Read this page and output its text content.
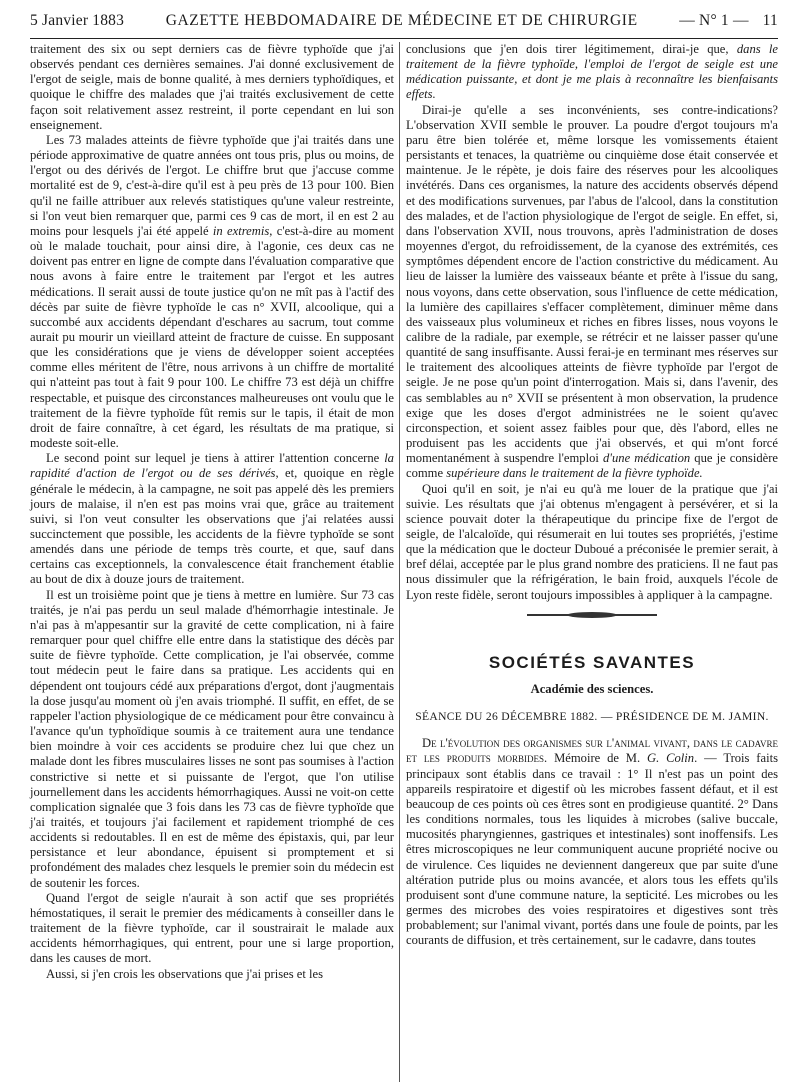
5 Janvier 1883	GAZETTE HEBDOMADAIRE DE MÉDECINE ET DE CHIRURGIE	— N° 1 — 11

traitement des six ou sept derniers cas de fièvre typhoïde que j'ai observés pendant ces dernières semaines. J'ai donné exclusivement de l'ergot de seigle, mais de bonne qualité, à mes derniers typhoïdiques, et quoique le chiffre des malades que j'ai traités exclusivement de cette façon soit relativement assez restreint, il porte cependant en lui son enseignement.

Les 73 malades atteints de fièvre typhoïde que j'ai traités dans une période approximative de quatre années ont tous pris, plus ou moins, de l'ergot ou des dérivés de l'ergot. Le chiffre brut que j'accuse comme mortalité est de 9, c'est-à-dire qu'il est à peu près de 13 pour 100. Bien qu'il ne faille attribuer aux relevés statistiques qu'une valeur restreinte, si l'on veut bien remarquer que, parmi ces 9 cas de mort, il en est 2 au moins pour lesquels j'ai été appelé in extremis, c'est-à-dire au moment où le malade touchait, pour ainsi dire, à l'agonie, ces deux cas ne doivent pas entrer en ligne de compte dans l'évaluation comparative que nous avons à faire entre le traitement par l'ergot et les autres médications. Il serait aussi de toute justice qu'on ne mît pas à l'actif des décès par suite de fièvre typhoïde le cas n° XVII, alcoolique, qui a succombé aux accidents dépendant d'eschares au sacrum, tout comme aurait pu mourir un vieillard atteint de fracture de cuisse. En supposant que les considérations que je viens de développer soient acceptées comme elles méritent de l'être, nous arrivons à un chiffre de mortalité qui n'atteint pas tout à fait 9 pour 100. Le chiffre 73 est déjà un chiffre respectable, et puisque des circonstances malheureuses ont voulu que le traitement de la fièvre typhoïde fût remis sur le tapis, il était de mon droit de faire connaître, à cet égard, les résultats de ma pratique, si modeste soit-elle.

Le second point sur lequel je tiens à attirer l'attention concerne la rapidité d'action de l'ergot ou de ses dérivés, et, quoique en règle générale le médecin, à la campagne, ne soit pas appelé dès les premiers jours de malaise, il n'en est pas moins vrai que, grâce au traitement suivi, si l'on veut consulter les observations que j'ai relatées aussi succinctement que possible, les accidents de la fièvre typhoïde se sont amendés dans une période de temps très courte, et que, sauf dans certains cas exceptionnels, la convalescence était franchement établie au bout de dix à douze jours de traitement.

Il est un troisième point que je tiens à mettre en lumière. Sur 73 cas traités, je n'ai pas perdu un seul malade d'hémorrhagie intestinale. Je n'ai pas à m'appesantir sur la gravité de cette complication, ni à faire remarquer pour quel chiffre elle entre dans la statistique des décès par suite de fièvre typhoïde. Cette complication, je l'ai observée, comme tout médecin peut le faire dans sa pratique. Les accidents qui en dépendent ont toujours cédé aux préparations d'ergot, dont j'augmentais la dose jusqu'au moment où j'en avais triomphé. Il suffit, en effet, de se rappeler l'action physiologique de ce médicament pour être convaincu à l'avance qu'un typhoïdique soumis à ce traitement aura une tendance bien moindre à voir ces accidents se produire chez lui que chez un malade dont les fibres musculaires lisses ne sont pas soumises à l'action constrictive si nette et si puissante de l'ergot, que l'on utilise journellement dans les accidents hémorrhagiques. Aussi ne voit-on cette complication signalée que 3 fois dans les 73 cas de fièvre typhoïde que j'ai traités, et toujours j'ai facilement et rapidement triomphé de ces accidents si redoutables. Il en est de même des épistaxis, qui, par leur persistance et leur abondance, épuisent si promptement et si profondément des malades chez lesquels le premier soin du médecin est de soutenir les forces.

Quand l'ergot de seigle n'aurait à son actif que ses propriétés hémostatiques, il serait le premier des médicaments à conseiller dans le traitement de la fièvre typhoïde, car il soustrairait le malade aux accidents hémorrhagiques, qui entrent, pour une si large proportion, dans les causes de mort.

Aussi, si j'en crois les observations que j'ai prises et les

conclusions que j'en dois tirer légitimement, dirai-je que, dans le traitement de la fièvre typhoïde, l'emploi de l'ergot de seigle est une médication puissante, et dont je me plais à reconnaître les bienfaisants effets.

Dirai-je qu'elle a ses inconvénients, ses contre-indications? L'observation XVII semble le prouver. La poudre d'ergot toujours m'a paru être bien tolérée et, même lorsque les vomissements étaient persistants et tenaces, la quatrième ou cinquième dose était conservée et maintenue. Je le répète, je dois faire des réserves pour les alcooliques invétérés. Dans ces organismes, la nature des accidents observés dépend et des modifications survenues, par l'abus de l'alcool, dans la constitution des malades, et de l'action physiologique de l'ergot de seigle. En effet, si, dans l'observation XVII, nous trouvons, après l'administration de doses moyennes d'ergot, du refroidissement, de la cyanose des extrémités, ces symptômes dépendent encore de l'action constrictive du médicament. Au lieu de laisser la lumière des vaisseaux béante et prête à l'issue du sang, nous voyons, dans cette observation, sous l'influence de cette médication, la lumière des capillaires s'effacer complètement, diminuer même dans des vaisseaux plus volumineux et riches en fibres lisses, nous voyons le calibre de la radiale, par exemple, se rétrécir et ne laisser passer qu'une quantité de sang insuffisante. Aussi ferai-je en terminant mes réserves sur le traitement des alcooliques atteints de fièvre typhoïde par l'ergot de seigle. Je ne pose qu'un point d'interrogation. Mais si, dans l'avenir, des cas semblables au n° XVII se présentent à mon observation, la prudence exige que les doses d'ergot administrées ne le soient qu'avec circonspection, et soient assez faibles pour que, dès l'abord, elles ne produisent pas les accidents que j'ai observés, et qui m'ont forcé momentanément à suspendre l'emploi d'une médication que je considère comme supérieure dans le traitement de la fièvre typhoïde.

Quoi qu'il en soit, je n'ai eu qu'à me louer de la pratique que j'ai suivie. Les résultats que j'ai obtenus m'engagent à persévérer, et si la science pouvait doter la thérapeutique du principe fixe de l'ergot de seigle, de l'alcaloïde, qui résumerait en lui toutes ses propriétés, j'estime que la médication que le docteur Duboué a préconisée le premier serait, à bref délai, acceptée par le plus grand nombre des praticiens. Il ne faut pas nous dissimuler que la réfrigération, le bain froid, auxquels l'école de Lyon reste fidèle, seront toujours impossibles à appliquer à la campagne.

SOCIÉTÉS SAVANTES
Académie des sciences.
SÉANCE DU 26 DÉCEMBRE 1882. — PRÉSIDENCE DE M. JAMIN.

De l'évolution des organismes sur l'animal vivant, dans le cadavre et les produits morbides. Mémoire de M. G. Colin. — Trois faits principaux sont établis dans ce travail : 1° Il n'est pas un point des appareils respiratoire et digestif où les microbes fassent défaut, et il est beaucoup de ces points où ces êtres sont en prodigieuse quantité. 2° Dans les conditions normales, tous les liquides à microbes (salive buccale, mucosités pharyngiennes, gastriques et intestinales) sont inoffensifs. Les êtres microscopiques ne leur communiquent aucune propriété nocive ou de virulence. Ces liquides ne deviennent dangereux que par suite d'une altération putride plus ou moins avancée, et alors tous les effets qu'ils produisent sont d'une commune nature, la septicité. Les microbes ou les germes des microbes des voies respiratoires et digestives sont très probablement; sur l'animal vivant, portés dans une foule de points, par les courants de diffusion, et très certainement, sur le cadavre, dans toutes
